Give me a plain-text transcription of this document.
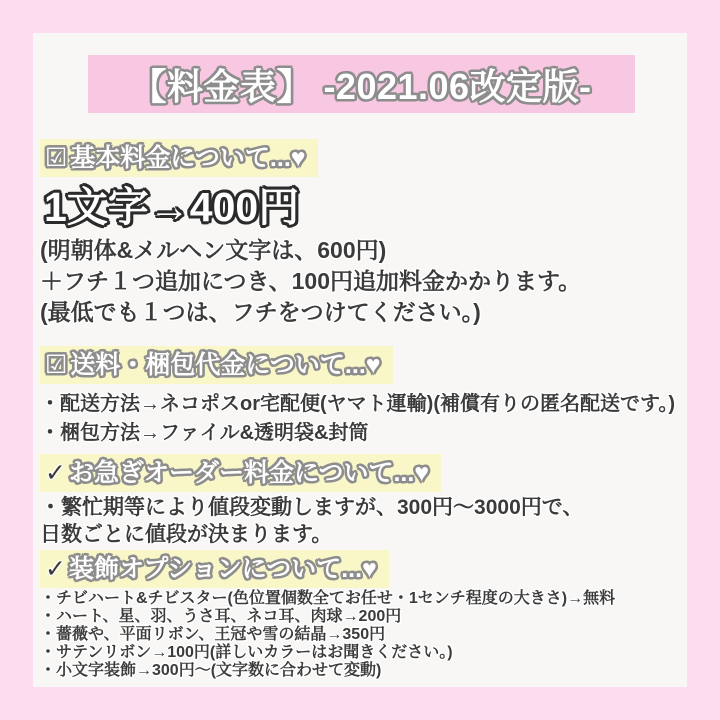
【料金表】 -2021.06改定版-
☑ 基本料金について...♥
1文字→400円
(明朝体&メルヘン文字は、600円)
＋フチ１つ追加につき、100円追加料金かかります。
(最低でも１つは、フチをつけてください。)
☑ 送料・梱包代金について...♥
・配送方法→ネコポスor宅配便(ヤマト運輸)(補償有りの匿名配送です。)
・梱包方法→ファイル&透明袋&封筒
✓ お急ぎオーダー料金について...♥
・繁忙期等により値段変動しますが、300円〜3000円で、
日数ごとに値段が決まります。
✓ 装飾オプションについて...♥
・チビハート&チビスター(色位置個数全てお任せ・1センチ程度の大きさ)→無料
・ハート、星、羽、うさ耳、ネコ耳、肉球→200円
・薔薇や、平面リボン、王冠や雪の結晶→350円
・サテンリボン→100円(詳しいカラーはお聞きください。)
・小文字装飾→300円〜(文字数に合わせて変動)
